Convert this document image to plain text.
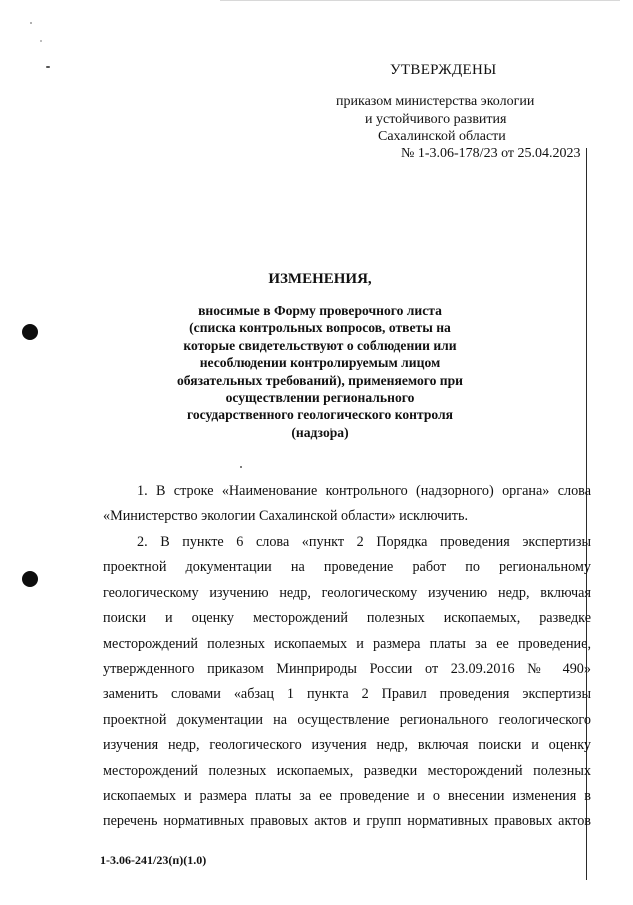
УТВЕРЖДЕНЫ
приказом министерства экологии
и устойчивого развития
Сахалинской области
№ 1-3.06-178/23 от 25.04.2023
ИЗМЕНЕНИЯ,
вносимые в Форму проверочного листа
(списка контрольных вопросов, ответы на
которые свидетельствуют о соблюдении или
несоблюдении контролируемым лицом
обязательных требований), применяемого при
осуществлении регионального
государственного геологического контроля
(надзора)
1. В строке «Наименование контрольного (надзорного) органа» слова
«Министерство экологии Сахалинской области» исключить.
2. В пункте 6 слова «пункт 2 Порядка проведения экспертизы
проектной документации на проведение работ по региональному
геологическому изучению недр, геологическому изучению недр, включая
поиски и оценку месторождений полезных ископаемых, разведке
месторождений полезных ископаемых и размера платы за ее проведение,
утвержденного приказом Минприроды России от 23.09.2016 № 490»
заменить словами «абзац 1 пункта 2 Правил проведения экспертизы
проектной документации на осуществление регионального геологического
изучения недр, геологического изучения недр, включая поиски и оценку
месторождений полезных ископаемых, разведки месторождений полезных
ископаемых и размера платы за ее проведение и о внесении изменения в
перечень нормативных правовых актов и групп нормативных правовых актов
1-3.06-241/23(п)(1.0)
